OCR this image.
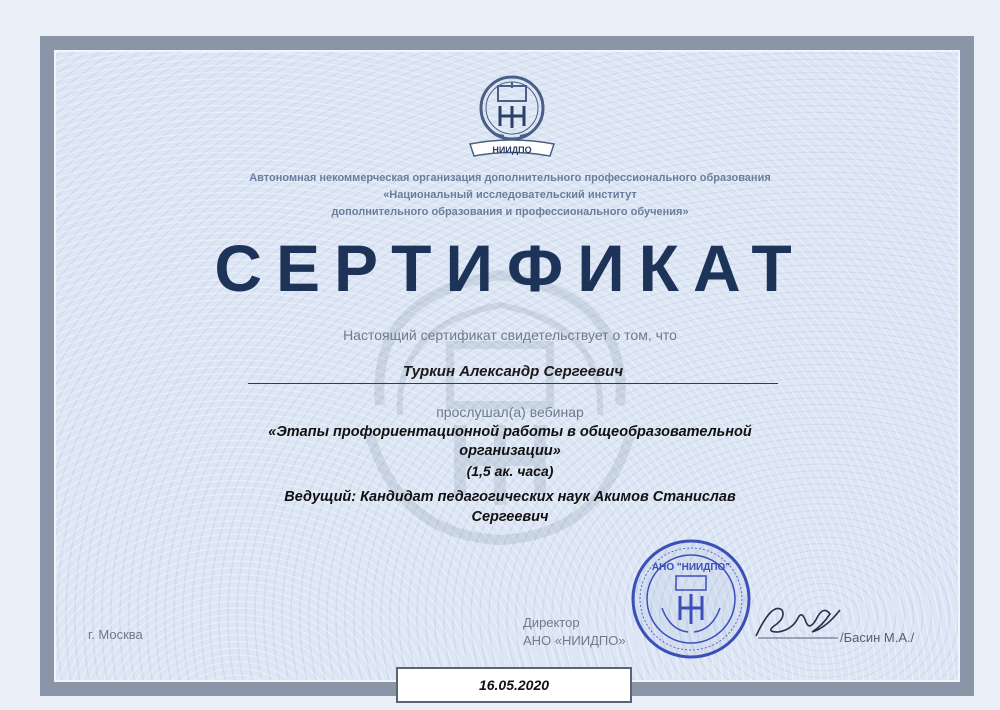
НИИДПО
Автономная некоммерческая организация дополнительного профессионального образования
«Национальный исследовательский институт
дополнительного образования и профессионального обучения»
СЕРТИФИКАТ
Настоящий сертификат свидетельствует о том, что
Туркин Александр Сергеевич
прослушал(а) вебинар
«Этапы профориентационной работы в общеобразовательной
организации»
(1,5 ак. часа)
Ведущий: Кандидат педагогических наук Акимов Станислав
Сергеевич
г. Москва
Директор
АНО «НИИДПО»
АНО "НИИДПО"
/Басин М.А./
16.05.2020
